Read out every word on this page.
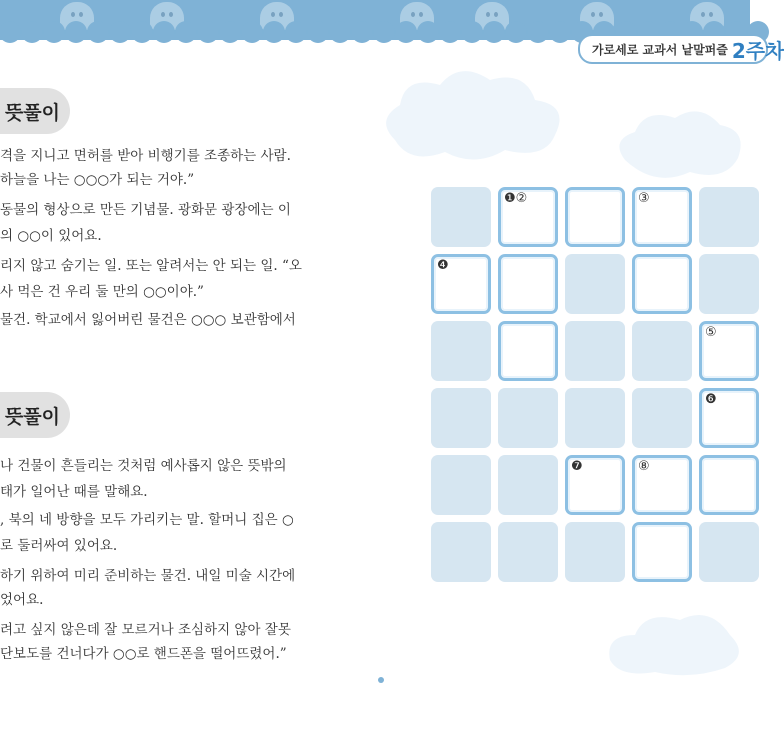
가로세로 교과서 낱말퍼즐 2주차
뜻풀이
격을 지니고 면허를 받아 비행기를 조종하는 사람.
하늘을 나는 ○○○가 되는 거야.”
동물의 형상으로 만든 기념물. 광화문 광장에는 이
의 ○○이 있어요.
리지 않고 숨기는 일. 또는 알려서는 안 되는 일. “오
사 먹은 건 우리 둘 만의 ○○이야.”
물건. 학교에서 잃어버린 물건은 ○○○ 보관함에서
뜻풀이
나 건물이 흔들리는 것처럼 예사롭지 않은 뜻밖의
태가 일어난 때를 말해요.
, 북의 네 방향을 모두 가리키는 말. 할머니 집은 ○
로 둘러싸여 있어요.
하기 위하여 미리 준비하는 물건. 내일 미술 시간에
었어요.
려고 싶지 않은데 잘 모르거나 조심하지 않아 잘못
단보도를 건너다가 ○○로 핸드폰을 떨어뜨렸어.”
❶②	③
❹
⑤
❻
❼	⑧
